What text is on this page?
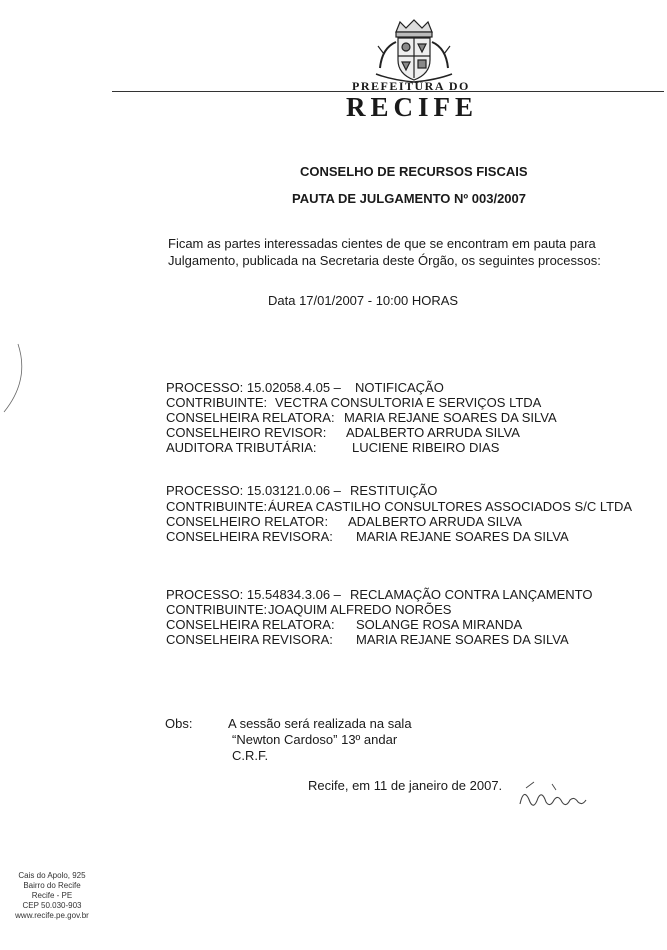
PREFEITURA DO
RECIFE
CONSELHO DE RECURSOS FISCAIS
PAUTA DE JULGAMENTO Nº 003/2007
Ficam as partes interessadas cientes de que se encontram em pauta para
Julgamento, publicada na Secretaria deste Órgão, os seguintes processos:
Data 17/01/2007 - 10:00 HORAS
PROCESSO: 15.02058.4.05 – NOTIFICAÇÃO
CONTRIBUINTE: VECTRA CONSULTORIA E SERVIÇOS LTDA
CONSELHEIRA RELATORA: MARIA REJANE SOARES DA SILVA
CONSELHEIRO REVISOR: ADALBERTO ARRUDA SILVA
AUDITORA TRIBUTÁRIA:	LUCIENE RIBEIRO DIAS
PROCESSO: 15.03121.0.06 – RESTITUIÇÃO
CONTRIBUINTE: ÁUREA CASTILHO CONSULTORES ASSOCIADOS S/C LTDA
CONSELHEIRO RELATOR: ADALBERTO ARRUDA SILVA
CONSELHEIRA REVISORA: MARIA REJANE SOARES DA SILVA
PROCESSO: 15.54834.3.06 – RECLAMAÇÃO CONTRA LANÇAMENTO
CONTRIBUINTE: JOAQUIM ALFREDO NORÕES
CONSELHEIRA RELATORA: SOLANGE ROSA MIRANDA
CONSELHEIRA REVISORA: MARIA REJANE SOARES DA SILVA
Obs:	A sessão será realizada na sala
“Newton Cardoso” 13º andar
C.R.F.
Recife, em 11 de janeiro de 2007.
Cais do Apolo, 925
Bairro do Recife
Recife - PE
CEP 50.030-903
www.recife.pe.gov.br
